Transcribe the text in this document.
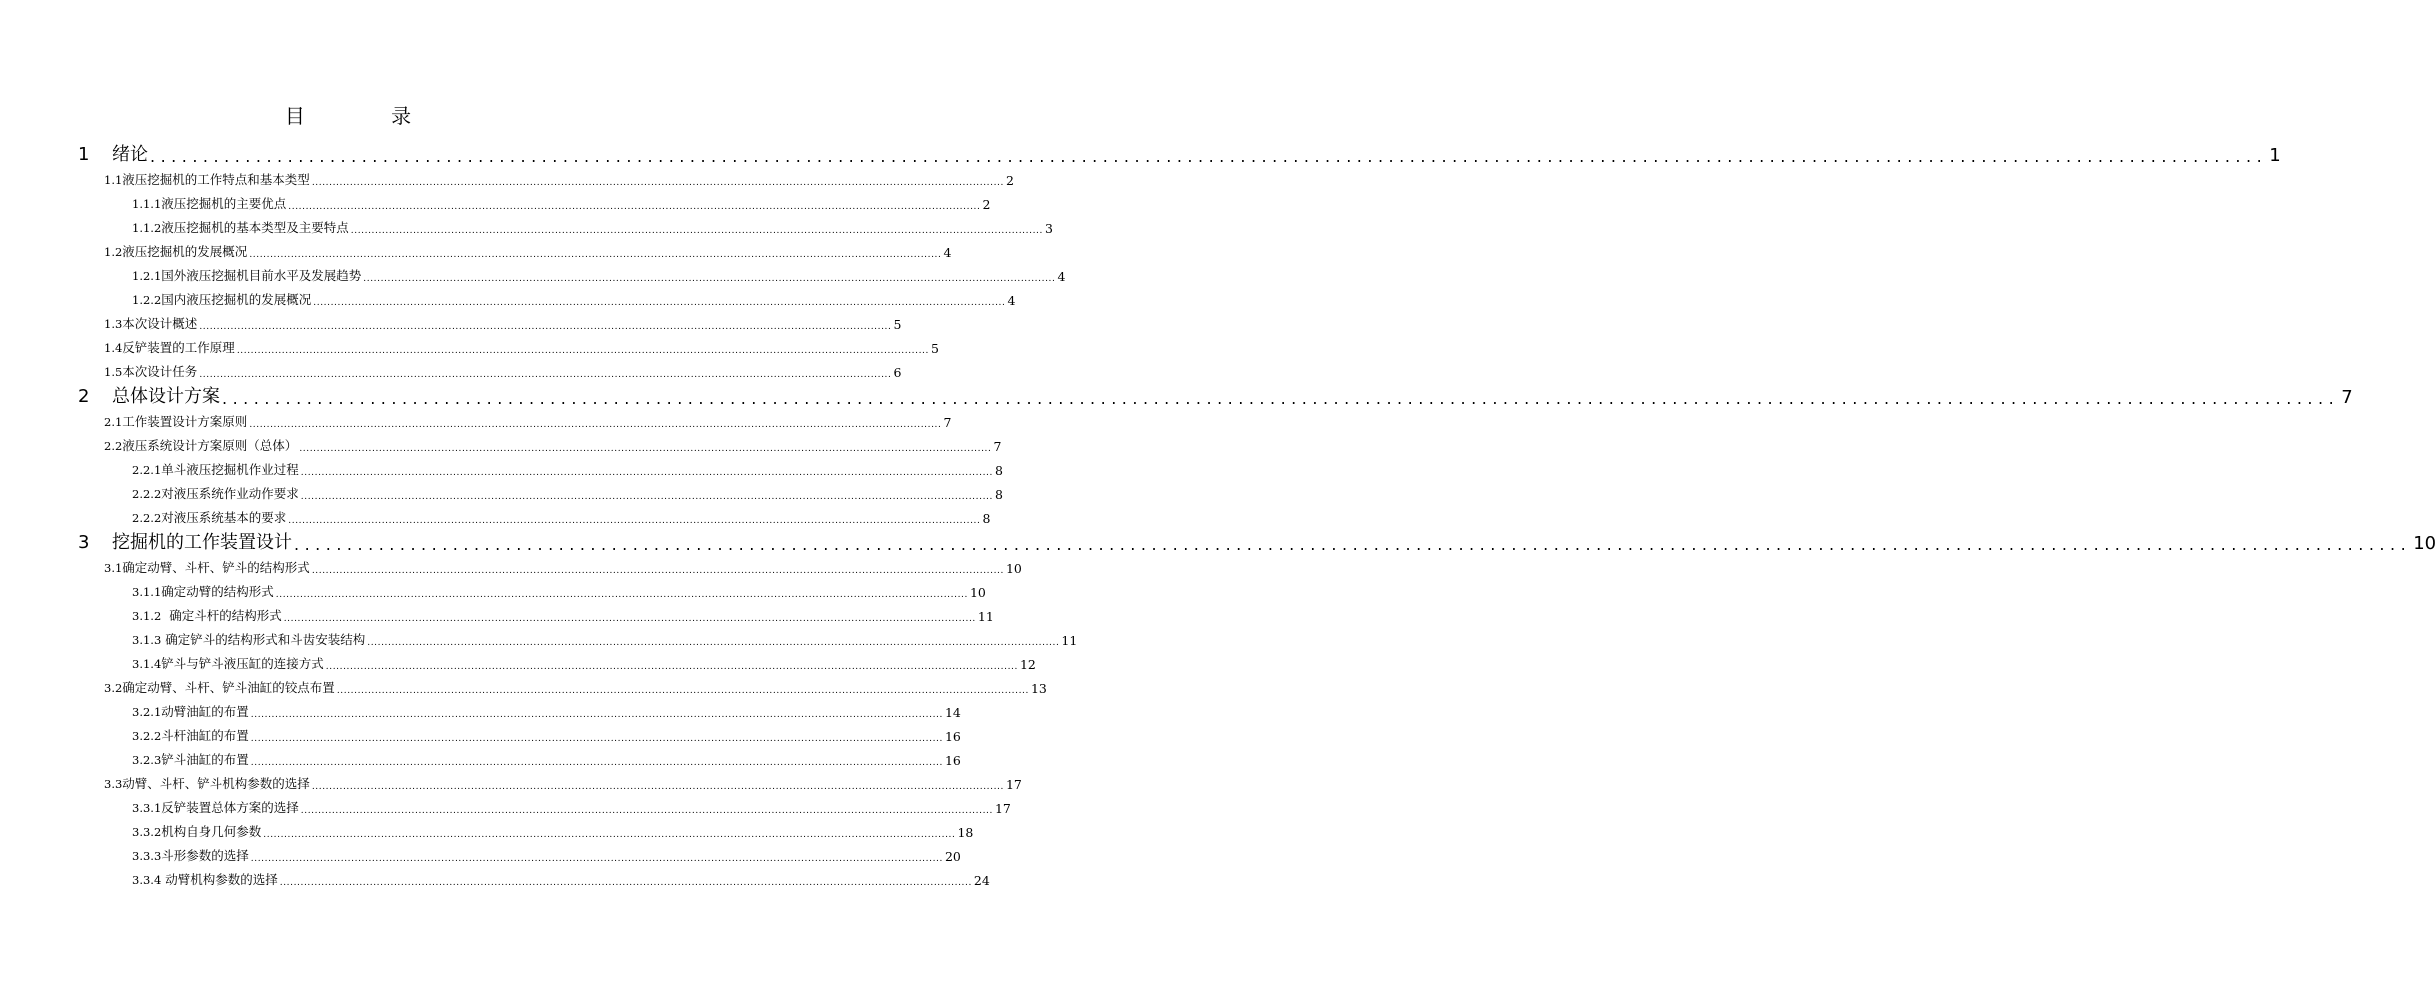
目 录
1 绪论 ........................................................................................................................................................................................................ 1
1.1液压挖掘机的工作特点和基本类型 ........................................................................................................................................................................................................ 2
1.1.1液压挖掘机的主要优点 ........................................................................................................................................................................................................ 2
1.1.2液压挖掘机的基本类型及主要特点 ........................................................................................................................................................................................................ 3
1.2液压挖掘机的发展概况 ........................................................................................................................................................................................................ 4
1.2.1国外液压挖掘机目前水平及发展趋势 ........................................................................................................................................................................................................ 4
1.2.2国内液压挖掘机的发展概况 ........................................................................................................................................................................................................ 4
1.3本次设计概述 ........................................................................................................................................................................................................ 5
1.4反铲装置的工作原理 ........................................................................................................................................................................................................ 5
1.5本次设计任务 ........................................................................................................................................................................................................ 6
2 总体设计方案 ........................................................................................................................................................................................................ 7
2.1工作装置设计方案原则 ........................................................................................................................................................................................................ 7
2.2液压系统设计方案原则（总体） ........................................................................................................................................................................................................ 7
2.2.1单斗液压挖掘机作业过程 ........................................................................................................................................................................................................ 8
2.2.2对液压系统作业动作要求 ........................................................................................................................................................................................................ 8
2.2.2对液压系统基本的要求 ........................................................................................................................................................................................................ 8
3 挖掘机的工作装置设计 ........................................................................................................................................................................................................ 10
3.1确定动臂、斗杆、铲斗的结构形式 ........................................................................................................................................................................................................ 10
3.1.1确定动臂的结构形式 ........................................................................................................................................................................................................ 10
3.1.2  确定斗杆的结构形式 ........................................................................................................................................................................................................ 11
3.1.3 确定铲斗的结构形式和斗齿安装结构 ........................................................................................................................................................................................................ 11
3.1.4铲斗与铲斗液压缸的连接方式 ........................................................................................................................................................................................................ 12
3.2确定动臂、斗杆、铲斗油缸的铰点布置 ........................................................................................................................................................................................................ 13
3.2.1动臂油缸的布置 ........................................................................................................................................................................................................ 14
3.2.2斗杆油缸的布置 ........................................................................................................................................................................................................ 16
3.2.3铲斗油缸的布置 ........................................................................................................................................................................................................ 16
3.3动臂、斗杆、铲斗机构参数的选择 ........................................................................................................................................................................................................ 17
3.3.1反铲装置总体方案的选择 ........................................................................................................................................................................................................ 17
3.3.2机构自身几何参数 ........................................................................................................................................................................................................ 18
3.3.3斗形参数的选择 ........................................................................................................................................................................................................ 20
3.3.4 动臂机构参数的选择 ........................................................................................................................................................................................................ 24
